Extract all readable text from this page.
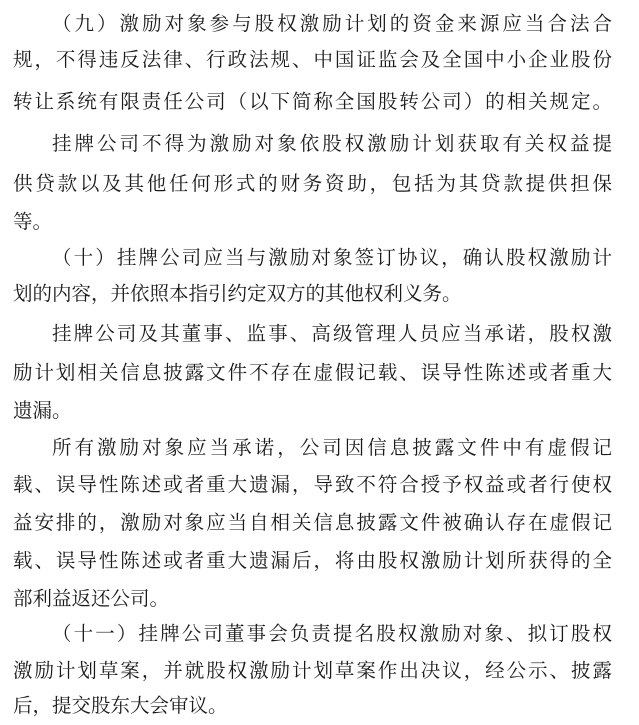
（九）激励对象参与股权激励计划的资金来源应当合法合
规，不得违反法律、行政法规、中国证监会及全国中小企业股份
转让系统有限责任公司（以下简称全国股转公司）的相关规定。
挂牌公司不得为激励对象依股权激励计划获取有关权益提
供贷款以及其他任何形式的财务资助，包括为其贷款提供担保
等。
（十）挂牌公司应当与激励对象签订协议，确认股权激励计
划的内容，并依照本指引约定双方的其他权利义务。
挂牌公司及其董事、监事、高级管理人员应当承诺，股权激
励计划相关信息披露文件不存在虚假记载、误导性陈述或者重大
遗漏。
所有激励对象应当承诺，公司因信息披露文件中有虚假记
载、误导性陈述或者重大遗漏，导致不符合授予权益或者行使权
益安排的，激励对象应当自相关信息披露文件被确认存在虚假记
载、误导性陈述或者重大遗漏后，将由股权激励计划所获得的全
部利益返还公司。
（十一）挂牌公司董事会负责提名股权激励对象、拟订股权
激励计划草案，并就股权激励计划草案作出决议，经公示、披露
后，提交股东大会审议。
